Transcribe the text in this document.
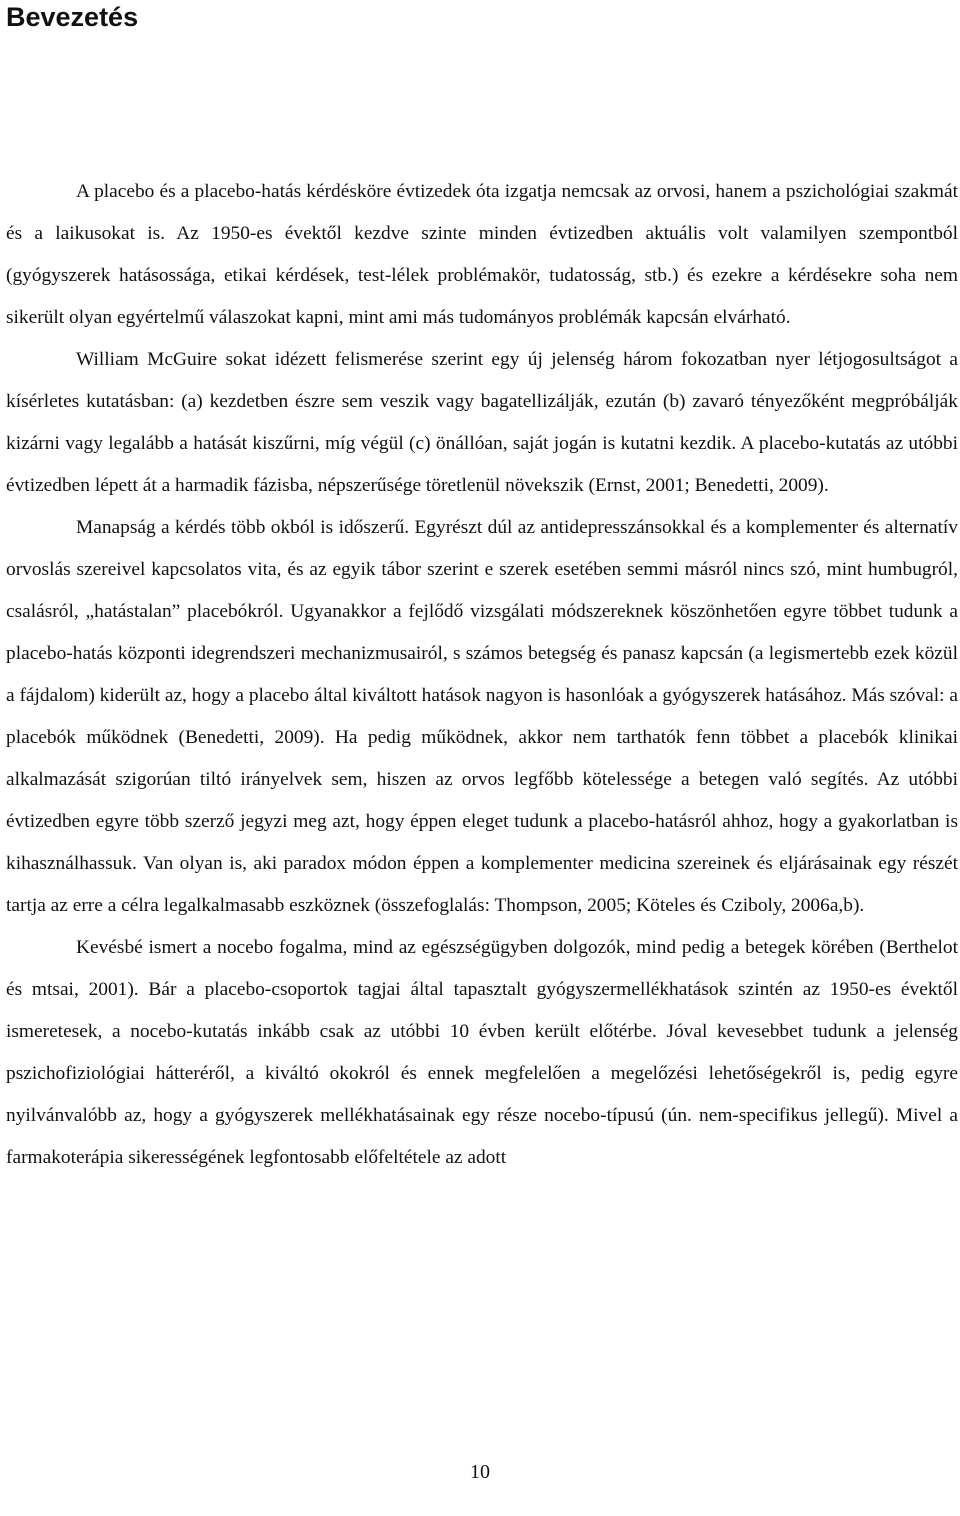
Bevezetés

A placebo és a placebo-hatás kérdésköre évtizedek óta izgatja nemcsak az orvosi, hanem a pszichológiai szakmát és a laikusokat is. Az 1950-es évektől kezdve szinte minden évtizedben aktuális volt valamilyen szempontból (gyógyszerek hatásossága, etikai kérdések, test-lélek problémakör, tudatosság, stb.) és ezekre a kérdésekre soha nem sikerült olyan egyértelmű válaszokat kapni, mint ami más tudományos problémák kapcsán elvárható.

William McGuire sokat idézett felismerése szerint egy új jelenség három fokozatban nyer létjogosultságot a kísérletes kutatásban: (a) kezdetben észre sem veszik vagy bagatellizálják, ezután (b) zavaró tényezőként megpróbálják kizárni vagy legalább a hatását kiszűrni, míg végül (c) önállóan, saját jogán is kutatni kezdik. A placebo-kutatás az utóbbi évtizedben lépett át a harmadik fázisba, népszerűsége töretlenül növekszik (Ernst, 2001; Benedetti, 2009).

Manapság a kérdés több okból is időszerű. Egyrészt dúl az antidepresszánsokkal és a komplementer és alternatív orvoslás szereivel kapcsolatos vita, és az egyik tábor szerint e szerek esetében semmi másról nincs szó, mint humbugról, csalásról, „hatástalan” placebókról. Ugyanakkor a fejlődő vizsgálati módszereknek köszönhetően egyre többet tudunk a placebo-hatás központi idegrendszeri mechanizmusairól, s számos betegség és panasz kapcsán (a legismertebb ezek közül a fájdalom) kiderült az, hogy a placebo által kiváltott hatások nagyon is hasonlóak a gyógyszerek hatásához. Más szóval: a placebók működnek (Benedetti, 2009). Ha pedig működnek, akkor nem tarthatók fenn többet a placebók klinikai alkalmazását szigorúan tiltó irányelvek sem, hiszen az orvos legfőbb kötelessége a betegen való segítés. Az utóbbi évtizedben egyre több szerző jegyzi meg azt, hogy éppen eleget tudunk a placebo-hatásról ahhoz, hogy a gyakorlatban is kihasználhassuk. Van olyan is, aki paradox módon éppen a komplementer medicina szereinek és eljárásainak egy részét tartja az erre a célra legalkalmasabb eszköznek (összefoglalás: Thompson, 2005; Köteles és Cziboly, 2006a,b).

Kevésbé ismert a nocebo fogalma, mind az egészségügyben dolgozók, mind pedig a betegek körében (Berthelot és mtsai, 2001). Bár a placebo-csoportok tagjai által tapasztalt gyógyszermellékhatások szintén az 1950-es évektől ismeretesek, a nocebo-kutatás inkább csak az utóbbi 10 évben került előtérbe. Jóval kevesebbet tudunk a jelenség pszichofiziológiai hátteréről, a kiváltó okokról és ennek megfelelően a megelőzési lehetőségekről is, pedig egyre nyilvánvalóbb az, hogy a gyógyszerek mellékhatásainak egy része nocebo-típusú (ún. nem-specifikus jellegű). Mivel a farmakoterápia sikerességének legfontosabb előfeltétele az adott

10
